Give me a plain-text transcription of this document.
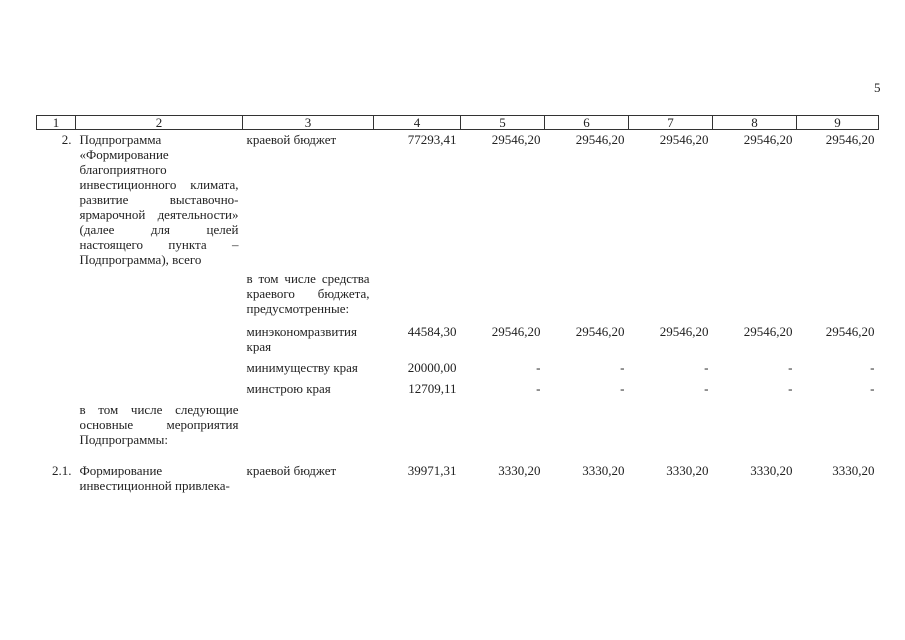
5
1	2	3	4	5	6	7	8	9
2.	Подпрограмма «Формирование благоприятного инвестиционного климата, развитие выставочно-ярмарочной деятельности» (далее для целей настоящего пункта – Подпрограмма), всего	краевой бюджет	77293,41	29546,20	29546,20	29546,20	29546,20	29546,20
		в том числе средства краевого бюджета, предусмотренные:						
		минэкономразвития края	44584,30	29546,20	29546,20	29546,20	29546,20	29546,20
		минимуществу края	20000,00	-	-	-	-	-
		минстрою края	12709,11	-	-	-	-	-
	в том числе следующие основные мероприятия Подпрограммы:							
2.1.	Формирование инвестиционной привлека-	краевой бюджет	39971,31	3330,20	3330,20	3330,20	3330,20	3330,20
